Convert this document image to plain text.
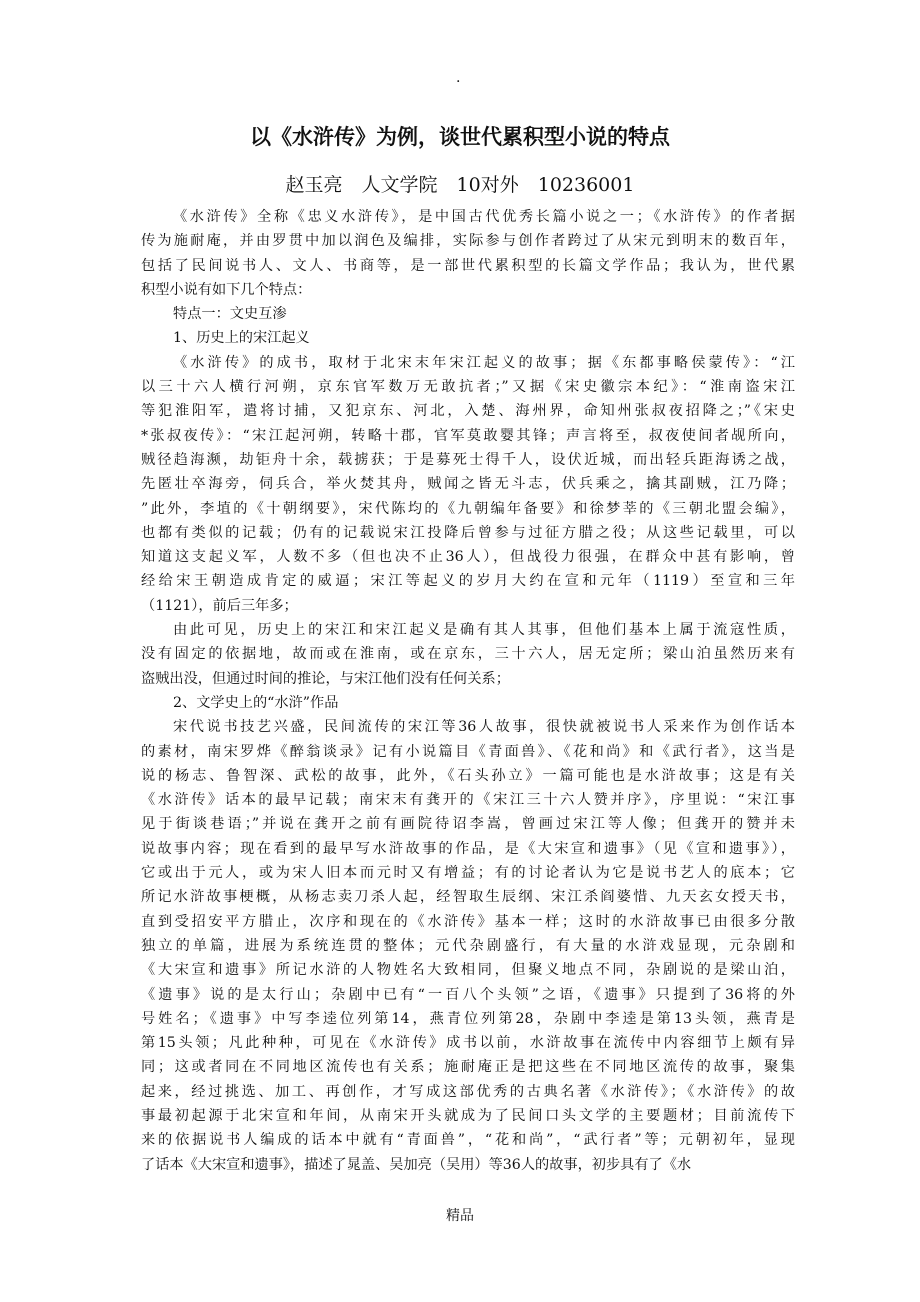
.
以《水浒传》为例，谈世代累积型小说的特点
赵玉亮　人文学院　10对外　10236001
《水浒传》全称《忠义水浒传》，是中国古代优秀长篇小说之一；《水浒传》的作者据
传为施耐庵，并由罗贯中加以润色及编排，实际参与创作者跨过了从宋元到明末的数百年，
包括了民间说书人、文人、书商等，是一部世代累积型的长篇文学作品；我认为，世代累
积型小说有如下几个特点：
特点一：文史互渗
1、历史上的宋江起义
《水浒传》的成书，取材于北宋末年宋江起义的故事；据《东都事略侯蒙传》：“江
以三十六人横行河朔，京东官军数万无敢抗者；”又据《宋史徽宗本纪》：“淮南盗宋江
等犯淮阳军，遣将讨捕，又犯京东、河北，入楚、海州界，命知州张叔夜招降之；”《宋史
*张叔夜传》：“宋江起河朔，转略十郡，官军莫敢婴其锋；声言将至，叔夜使间者觇所向，
贼径趋海濒，劫钜舟十余，载掳获；于是募死士得千人，设伏近城，而出轻兵距海诱之战，
先匿壮卒海旁，伺兵合，举火焚其舟，贼闻之皆无斗志，伏兵乘之，擒其副贼，江乃降；
”此外，李埴的《十朝纲要》，宋代陈均的《九朝编年备要》和徐梦莘的《三朝北盟会编》，
也都有类似的记载；仍有的记载说宋江投降后曾参与过征方腊之役；从这些记载里，可以
知道这支起义军，人数不多（但也决不止36人），但战役力很强，在群众中甚有影响，曾
经给宋王朝造成肯定的威逼；宋江等起义的岁月大约在宣和元年（1119）至宣和三年
（1121），前后三年多；
由此可见，历史上的宋江和宋江起义是确有其人其事，但他们基本上属于流寇性质，
没有固定的依据地，故而或在淮南，或在京东，三十六人，居无定所；梁山泊虽然历来有
盗贼出没，但通过时间的推论，与宋江他们没有任何关系；
2、文学史上的“水浒”作品
宋代说书技艺兴盛，民间流传的宋江等36人故事，很快就被说书人采来作为创作话本
的素材，南宋罗烨《醉翁谈录》记有小说篇目《青面兽》、《花和尚》和《武行者》，这当是
说的杨志、鲁智深、武松的故事，此外，《石头孙立》一篇可能也是水浒故事；这是有关
《水浒传》话本的最早记载；南宋末有龚开的《宋江三十六人赞并序》，序里说：“宋江事
见于街谈巷语；”并说在龚开之前有画院待诏李嵩，曾画过宋江等人像；但龚开的赞并未
说故事内容；现在看到的最早写水浒故事的作品，是《大宋宣和遗事》（见《宣和遗事》），
它或出于元人，或为宋人旧本而元时又有增益；有的讨论者认为它是说书艺人的底本；它
所记水浒故事梗概，从杨志卖刀杀人起，经智取生辰纲、宋江杀阎婆惜、九天玄女授天书，
直到受招安平方腊止，次序和现在的《水浒传》基本一样；这时的水浒故事已由很多分散
独立的单篇，进展为系统连贯的整体；元代杂剧盛行，有大量的水浒戏显现，元杂剧和
《大宋宣和遗事》所记水浒的人物姓名大致相同，但聚义地点不同，杂剧说的是梁山泊，
《遗事》说的是太行山；杂剧中已有“一百八个头领”之语，《遗事》只提到了36将的外
号姓名；《遗事》中写李逵位列第14，燕青位列第28，杂剧中李逵是第13头领，燕青是
第15头领；凡此种种，可见在《水浒传》成书以前，水浒故事在流传中内容细节上颇有异
同；这或者同在不同地区流传也有关系；施耐庵正是把这些在不同地区流传的故事，聚集
起来，经过挑选、加工、再创作，才写成这部优秀的古典名著《水浒传》；《水浒传》的故
事最初起源于北宋宣和年间，从南宋开头就成为了民间口头文学的主要题材；目前流传下
来的依据说书人编成的话本中就有“青面兽”，“花和尚”，“武行者”等；元朝初年，显现
了话本《大宋宣和遗事》，描述了晁盖、吴加亮（吴用）等36人的故事，初步具有了《水
精品
